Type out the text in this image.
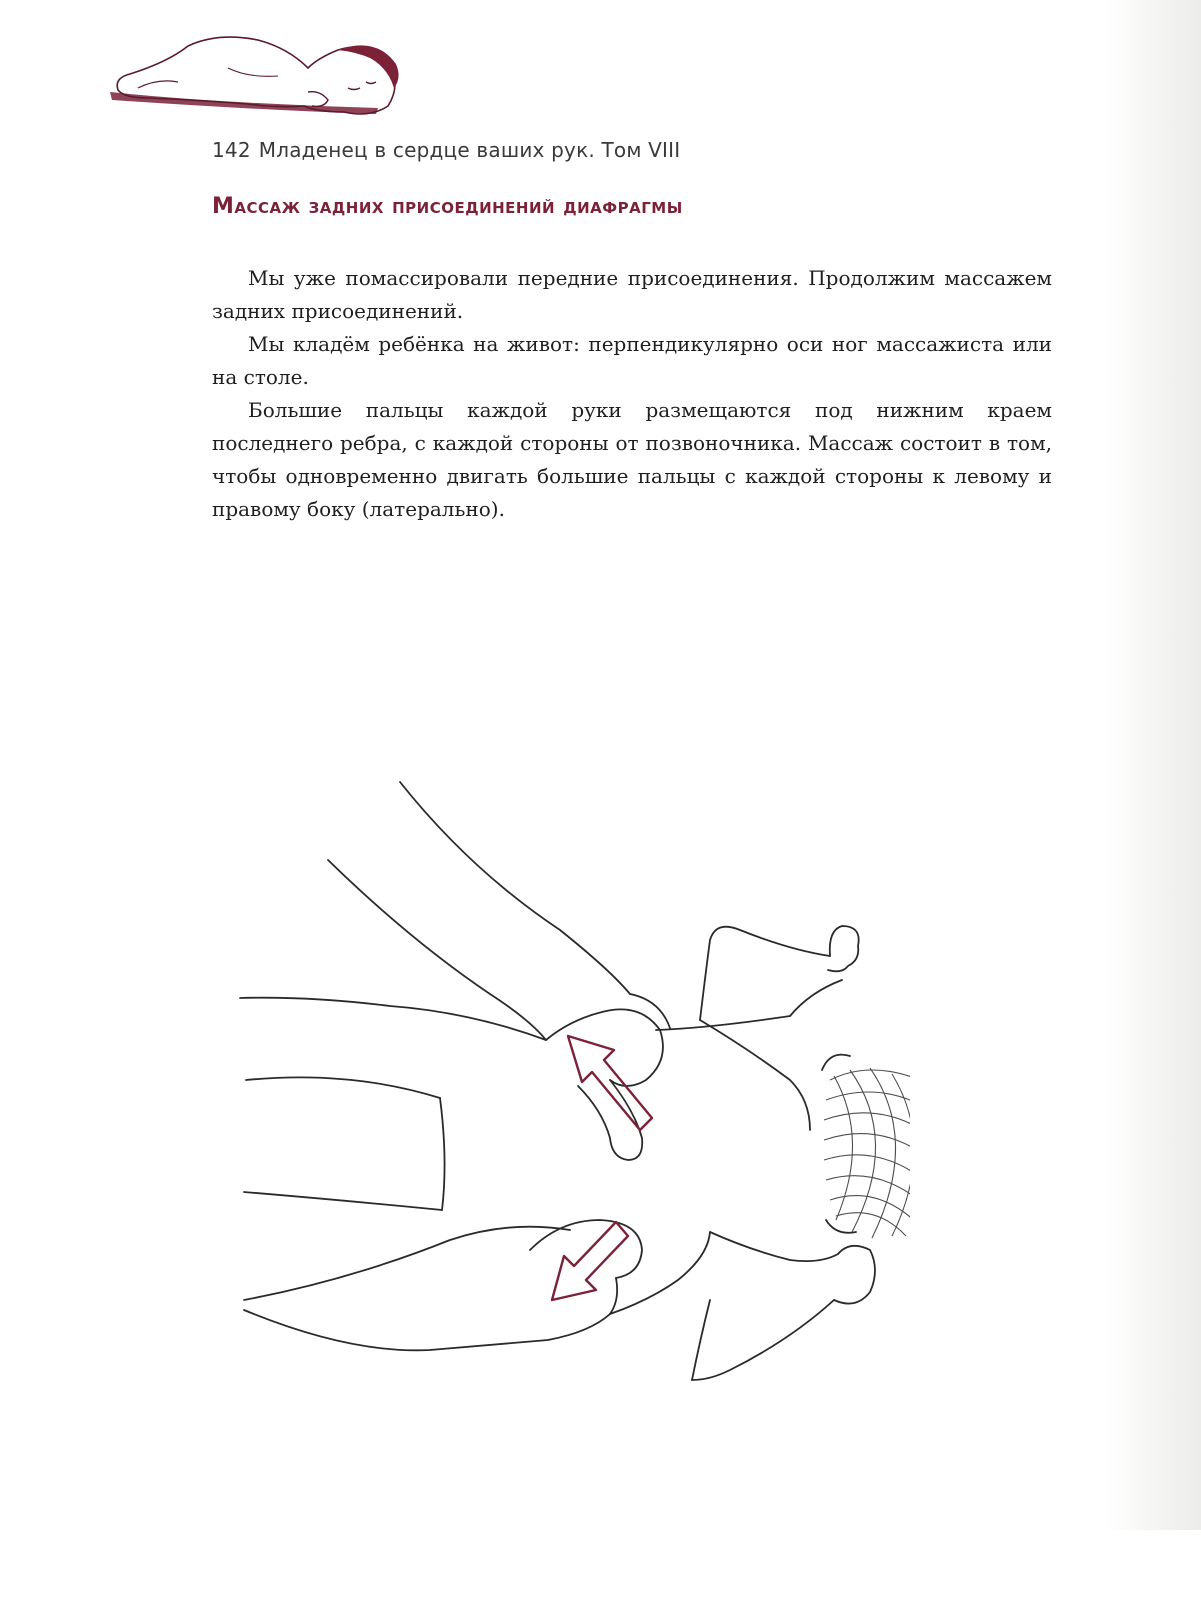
142 Младенец в сердце ваших рук. Том VIII

Массаж задних присоединений диафрагмы

Мы уже помассировали передние присоединения. Продолжим массажем задних присоединений.

Мы кладём ребёнка на живот: перпендикулярно оси ног массажиста или на столе.

Большие пальцы каждой руки размещаются под нижним краем последнего ребра, с каждой стороны от позвоночника. Массаж состоит в том, чтобы одновременно двигать большие пальцы с каждой стороны к левому и правому боку (латерально).
